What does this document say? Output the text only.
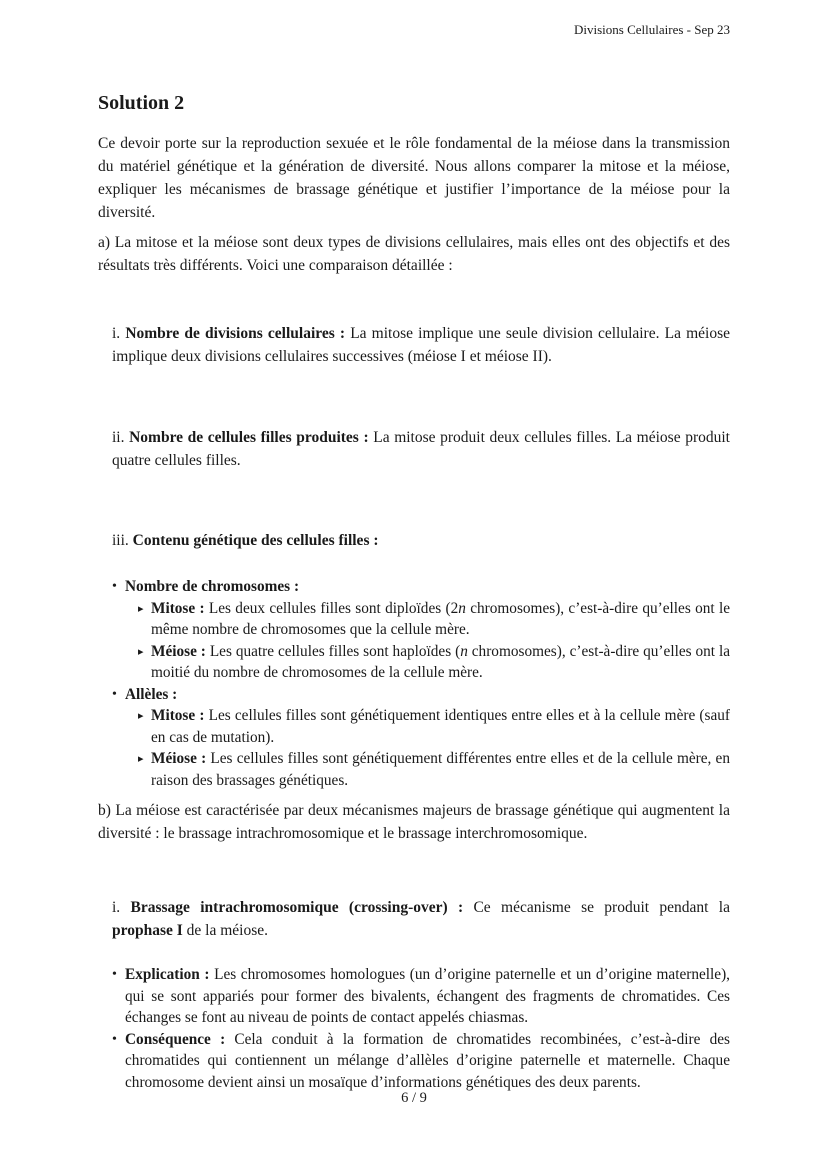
Divisions Cellulaires - Sep 23
Solution 2

Ce devoir porte sur la reproduction sexuée et le rôle fondamental de la méiose dans la transmission du matériel génétique et la génération de diversité. Nous allons comparer la mitose et la méiose, expliquer les mécanismes de brassage génétique et justifier l’importance de la méiose pour la diversité.

a) La mitose et la méiose sont deux types de divisions cellulaires, mais elles ont des objectifs et des résultats très différents. Voici une comparaison détaillée :

i. Nombre de divisions cellulaires : La mitose implique une seule division cellulaire. La méiose implique deux divisions cellulaires successives (méiose I et méiose II).
ii. Nombre de cellules filles produites : La mitose produit deux cellules filles. La méiose produit quatre cellules filles.
iii. Contenu génétique des cellules filles :
• Nombre de chromosomes :
▸ Mitose : Les deux cellules filles sont diploïdes (2n chromosomes), c’est-à-dire qu’elles ont le même nombre de chromosomes que la cellule mère.
▸ Méiose : Les quatre cellules filles sont haploïdes (n chromosomes), c’est-à-dire qu’elles ont la moitié du nombre de chromosomes de la cellule mère.
• Allèles :
▸ Mitose : Les cellules filles sont génétiquement identiques entre elles et à la cellule mère (sauf en cas de mutation).
▸ Méiose : Les cellules filles sont génétiquement différentes entre elles et de la cellule mère, en raison des brassages génétiques.

b) La méiose est caractérisée par deux mécanismes majeurs de brassage génétique qui augmentent la diversité : le brassage intrachromosomique et le brassage interchromosomique.

i. Brassage intrachromosomique (crossing-over) : Ce mécanisme se produit pendant la prophase I de la méiose.
• Explication : Les chromosomes homologues (un d’origine paternelle et un d’origine maternelle), qui se sont appariés pour former des bivalents, échangent des fragments de chromatides. Ces échanges se font au niveau de points de contact appelés chiasmas.
• Conséquence : Cela conduit à la formation de chromatides recombinées, c’est-à-dire des chromatides qui contiennent un mélange d’allèles d’origine paternelle et maternelle. Chaque chromosome devient ainsi un mosaïque d’informations génétiques des deux parents.
6 / 9
